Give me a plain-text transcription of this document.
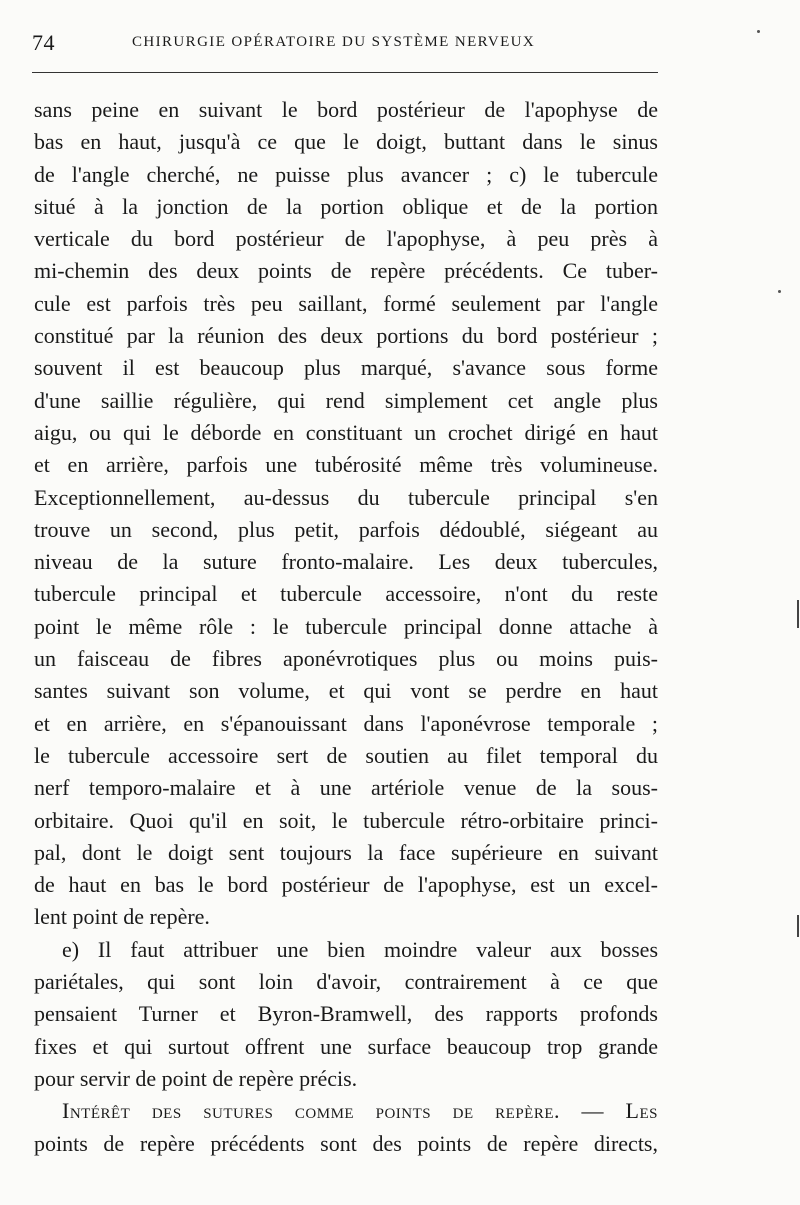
74	CHIRURGIE OPÉRATOIRE DU SYSTÈME NERVEUX
sans peine en suivant le bord postérieur de l'apophyse de
bas en haut, jusqu'à ce que le doigt, buttant dans le sinus
de l'angle cherché, ne puisse plus avancer ; c) le tubercule
situé à la jonction de la portion oblique et de la portion
verticale du bord postérieur de l'apophyse, à peu près à
mi-chemin des deux points de repère précédents. Ce tuber-
cule est parfois très peu saillant, formé seulement par l'angle
constitué par la réunion des deux portions du bord postérieur ;
souvent il est beaucoup plus marqué, s'avance sous forme
d'une saillie régulière, qui rend simplement cet angle plus
aigu, ou qui le déborde en constituant un crochet dirigé en haut
et en arrière, parfois une tubérosité même très volumineuse.
Exceptionnellement, au-dessus du tubercule principal s'en
trouve un second, plus petit, parfois dédoublé, siégeant au
niveau de la suture fronto-malaire. Les deux tubercules,
tubercule principal et tubercule accessoire, n'ont du reste
point le même rôle : le tubercule principal donne attache à
un faisceau de fibres aponévrotiques plus ou moins puis-
santes suivant son volume, et qui vont se perdre en haut
et en arrière, en s'épanouissant dans l'aponévrose temporale ;
le tubercule accessoire sert de soutien au filet temporal du
nerf temporo-malaire et à une artériole venue de la sous-
orbitaire. Quoi qu'il en soit, le tubercule rétro-orbitaire princi-
pal, dont le doigt sent toujours la face supérieure en suivant
de haut en bas le bord postérieur de l'apophyse, est un excel-
lent point de repère.
e) Il faut attribuer une bien moindre valeur aux bosses
pariétales, qui sont loin d'avoir, contrairement à ce que
pensaient Turner et Byron-Bramwell, des rapports profonds
fixes et qui surtout offrent une surface beaucoup trop grande
pour servir de point de repère précis.
Intérêt des sutures comme points de repère. — Les
points de repère précédents sont des points de repère directs,
